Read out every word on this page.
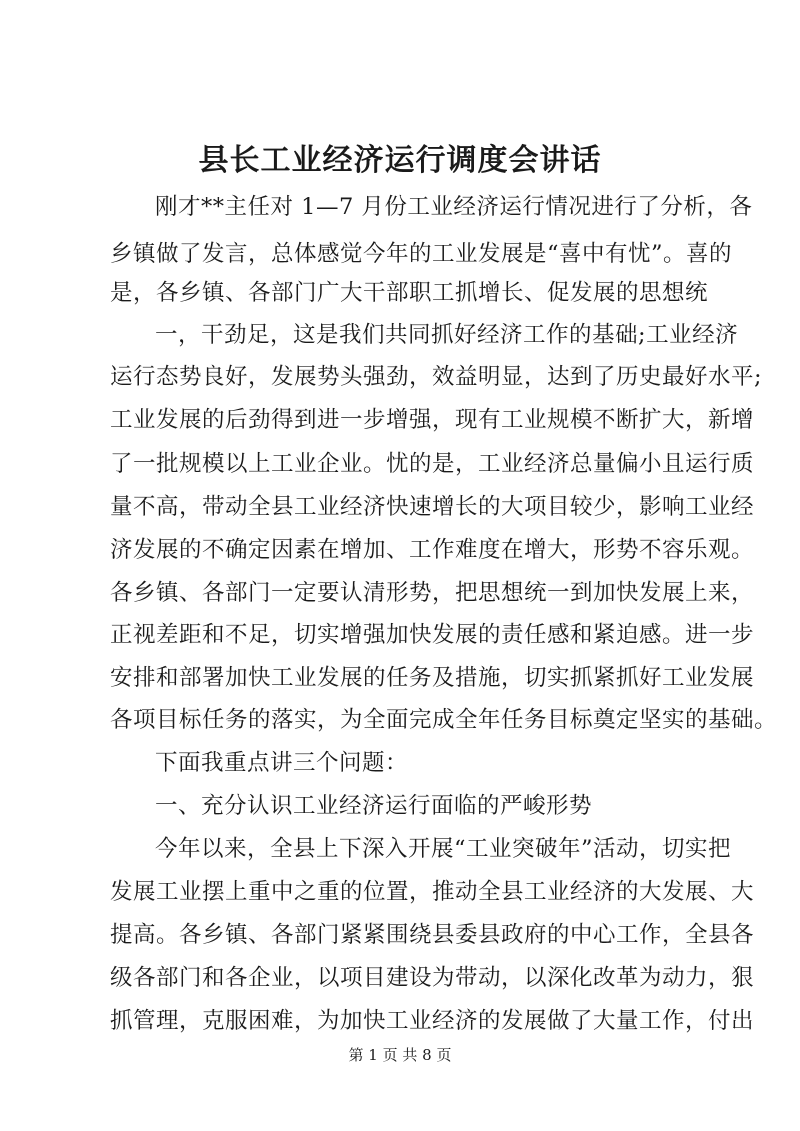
县长工业经济运行调度会讲话

刚才**主任对 1—7 月份工业经济运行情况进行了分析，各

乡镇做了发言，总体感觉今年的工业发展是“喜中有忧”。喜的

是，各乡镇、各部门广大干部职工抓增长、促发展的思想统

一，干劲足，这是我们共同抓好经济工作的基础;工业经济

运行态势良好，发展势头强劲，效益明显，达到了历史最好水平;

工业发展的后劲得到进一步增强，现有工业规模不断扩大，新增

了一批规模以上工业企业。忧的是，工业经济总量偏小且运行质

量不高，带动全县工业经济快速增长的大项目较少，影响工业经

济发展的不确定因素在增加、工作难度在增大，形势不容乐观。

各乡镇、各部门一定要认清形势，把思想统一到加快发展上来，

正视差距和不足，切实增强加快发展的责任感和紧迫感。进一步

安排和部署加快工业发展的任务及措施，切实抓紧抓好工业发展

各项目标任务的落实，为全面完成全年任务目标奠定坚实的基础。

下面我重点讲三个问题：

一、充分认识工业经济运行面临的严峻形势

今年以来，全县上下深入开展“工业突破年”活动，切实把

发展工业摆上重中之重的位置，推动全县工业经济的大发展、大

提高。各乡镇、各部门紧紧围绕县委县政府的中心工作，全县各

级各部门和各企业，以项目建设为带动，以深化改革为动力，狠

抓管理，克服困难，为加快工业经济的发展做了大量工作，付出

第 1 页 共 8 页
